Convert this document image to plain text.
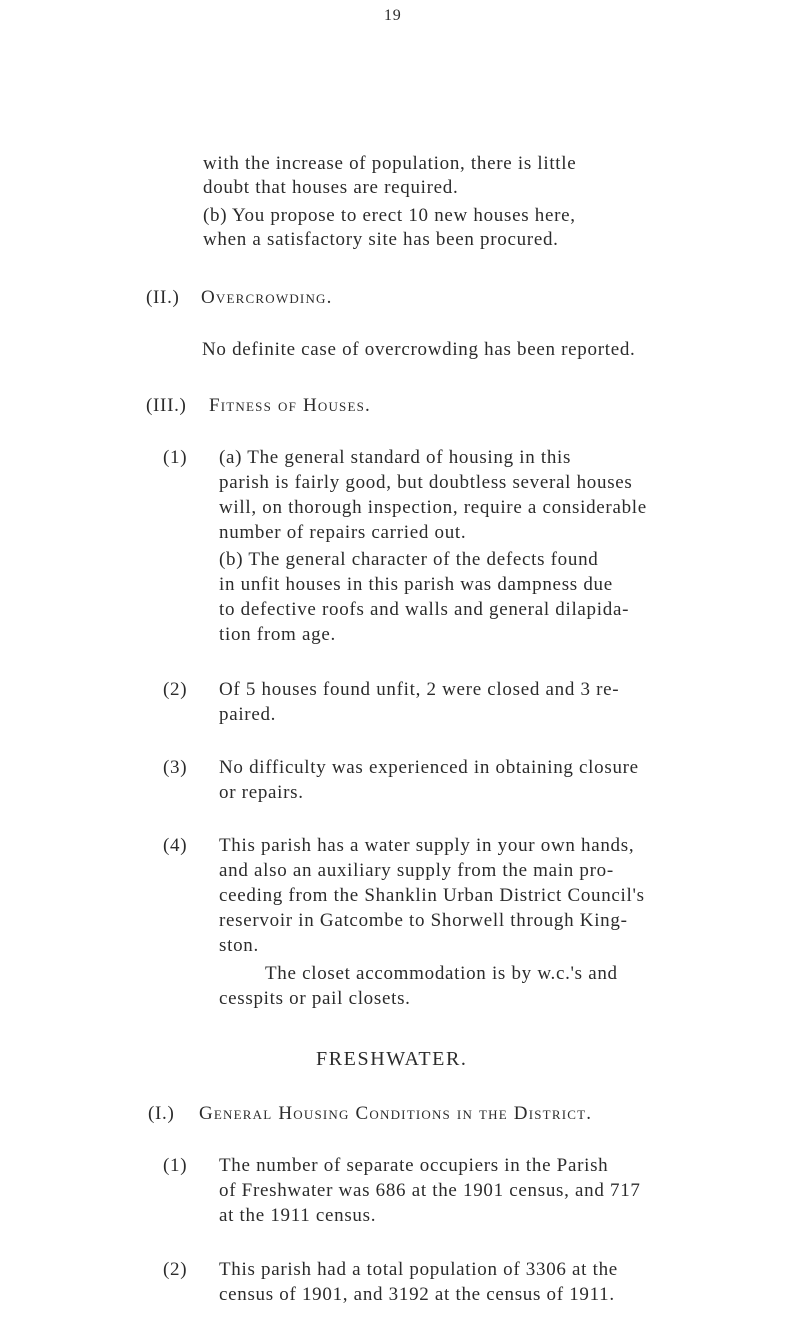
19
with the increase of population, there is little
doubt that houses are required.
(b) You propose to erect 10 new houses here,
when a satisfactory site has been procured.
(II.) Overcrowding.
No definite case of overcrowding has been reported.
(III.) Fitness of Houses.
(1) (a) The general standard of housing in this
parish is fairly good, but doubtless several houses
will, on thorough inspection, require a considerable
number of repairs carried out.
(b) The general character of the defects found
in unfit houses in this parish was dampness due
to defective roofs and walls and general dilapida-
tion from age.
(2) Of 5 houses found unfit, 2 were closed and 3 re-
paired.
(3) No difficulty was experienced in obtaining closure
or repairs.
(4) This parish has a water supply in your own hands,
and also an auxiliary supply from the main pro-
ceeding from the Shanklin Urban District Council's
reservoir in Gatcombe to Shorwell through King-
ston.
The closet accommodation is by w.c.'s and
cesspits or pail closets.
FRESHWATER.
(I.) General Housing Conditions in the District.
(1) The number of separate occupiers in the Parish
of Freshwater was 686 at the 1901 census, and 717
at the 1911 census.
(2) This parish had a total population of 3306 at the
census of 1901, and 3192 at the census of 1911.
